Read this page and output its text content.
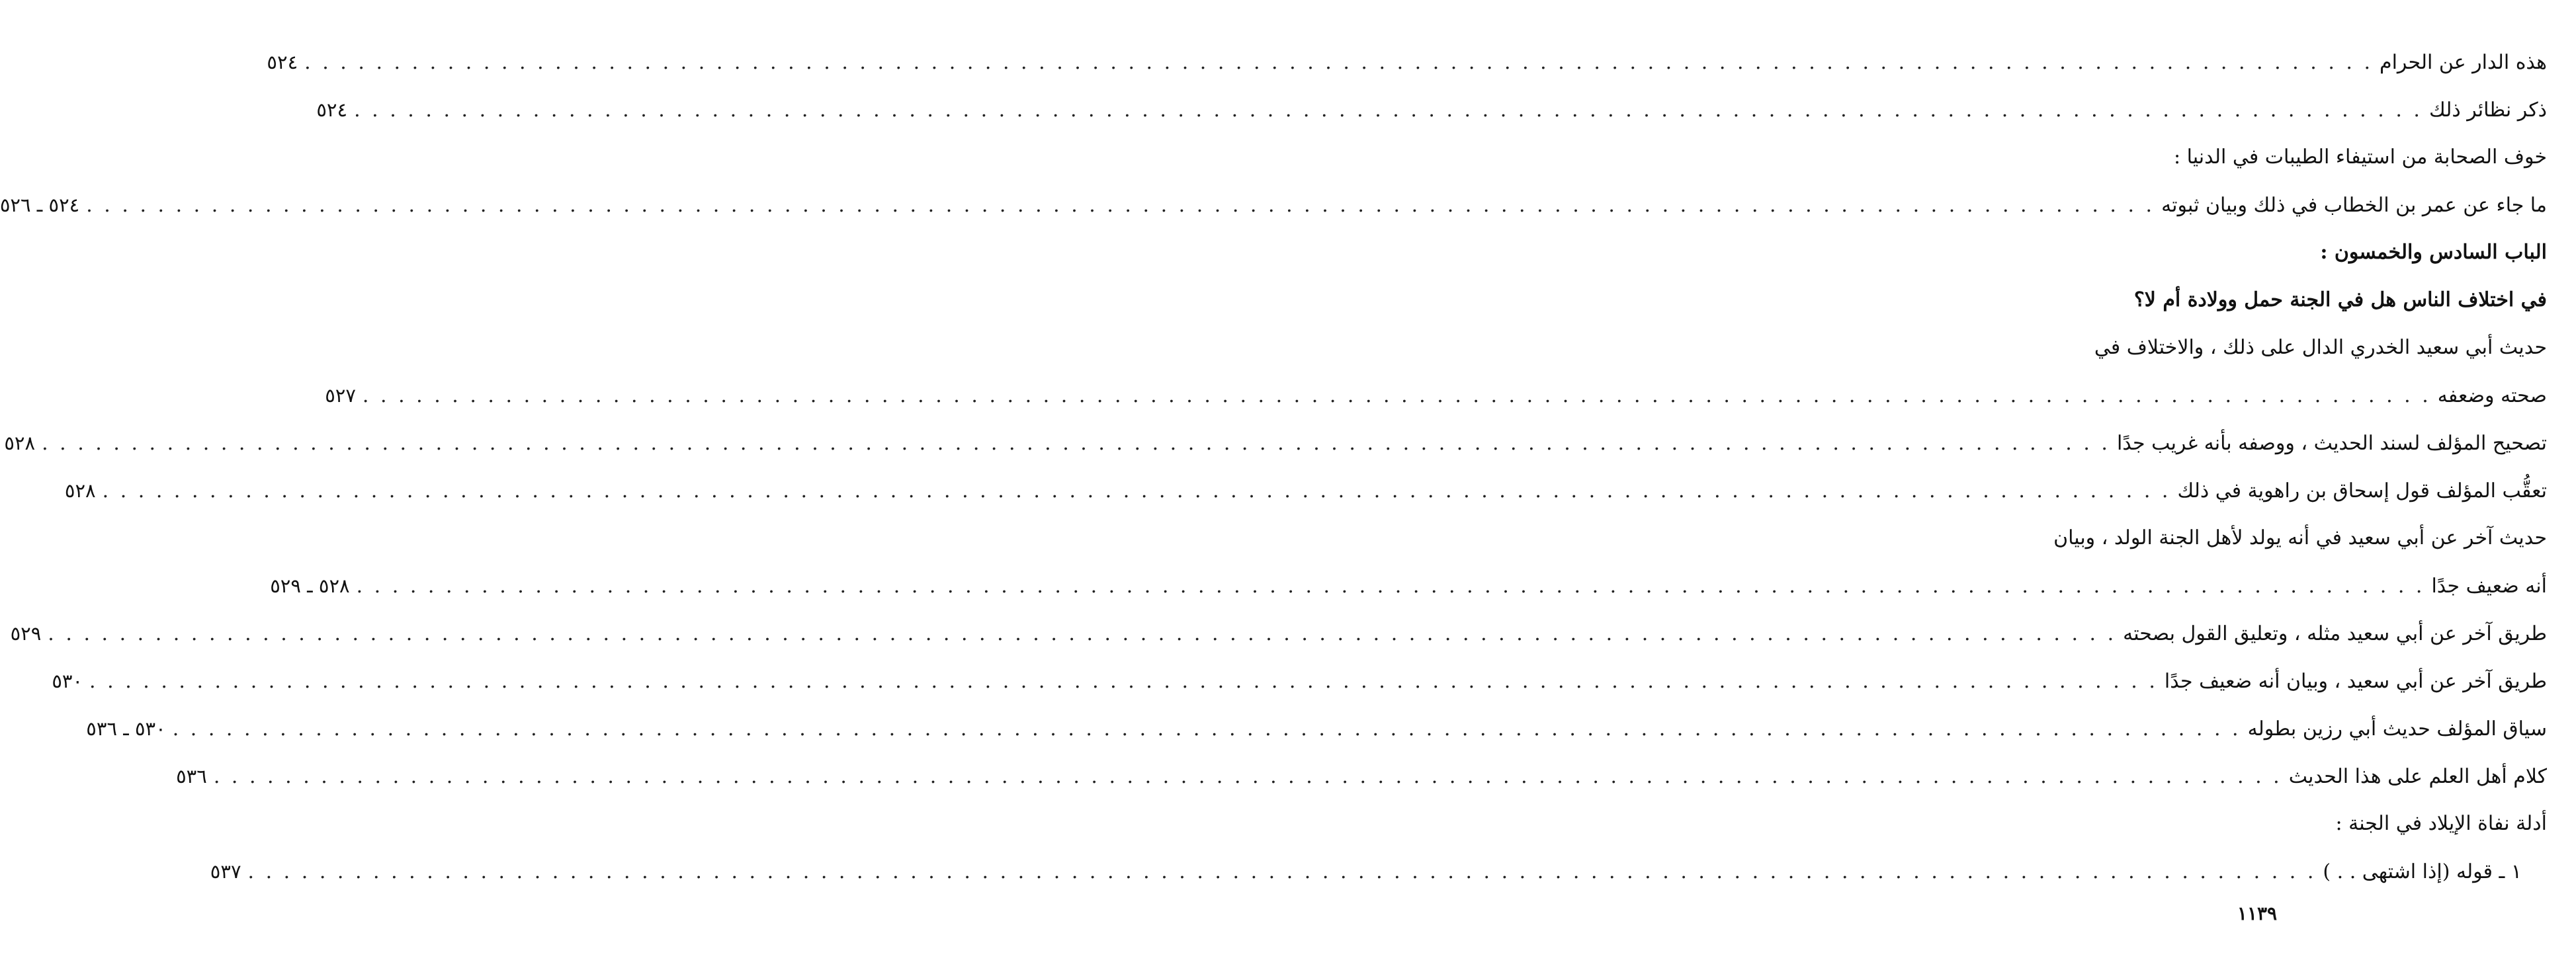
هذه الدار عن الحرام
. . .
٥٢٤
ذكر نظائر ذلك
. . .
٥٢٤
خوف الصحابة من استيفاء الطيبات في الدنيا :
ما جاء عن عمر بن الخطاب في ذلك وبيان ثبوته
. . .
٥٢٤ ـ ٥٢٦
الباب السادس والخمسون :
في اختلاف الناس هل في الجنة حمل وولادة أم لا؟
حديث أبي سعيد الخدري الدال على ذلك ، والاختلاف في
صحته وضعفه
. . .
٥٢٧
تصحيح المؤلف لسند الحديث ، ووصفه بأنه غريب جدًا
. . .
٥٢٨
تعقُّب المؤلف قول إسحاق بن راهوية في ذلك
. . .
٥٢٨
حديث آخر عن أبي سعيد في أنه يولد لأهل الجنة الولد ، وبيان
أنه ضعيف جدًا
. . .
٥٢٨ ـ ٥٢٩
طريق آخر عن أبي سعيد مثله ، وتعليق القول بصحته
. . .
٥٢٩
طريق آخر عن أبي سعيد ، وبيان أنه ضعيف جدًا
. . .
٥٣٠
سياق المؤلف حديث أبي رزين بطوله
. . .
٥٣٠ ـ ٥٣٦
كلام أهل العلم على هذا الحديث
. . .
٥٣٦
أدلة نفاة الإيلاد في الجنة :
١ ـ قوله (إذا اشتهى . . )
. . .
٥٣٧
١١٣٩
